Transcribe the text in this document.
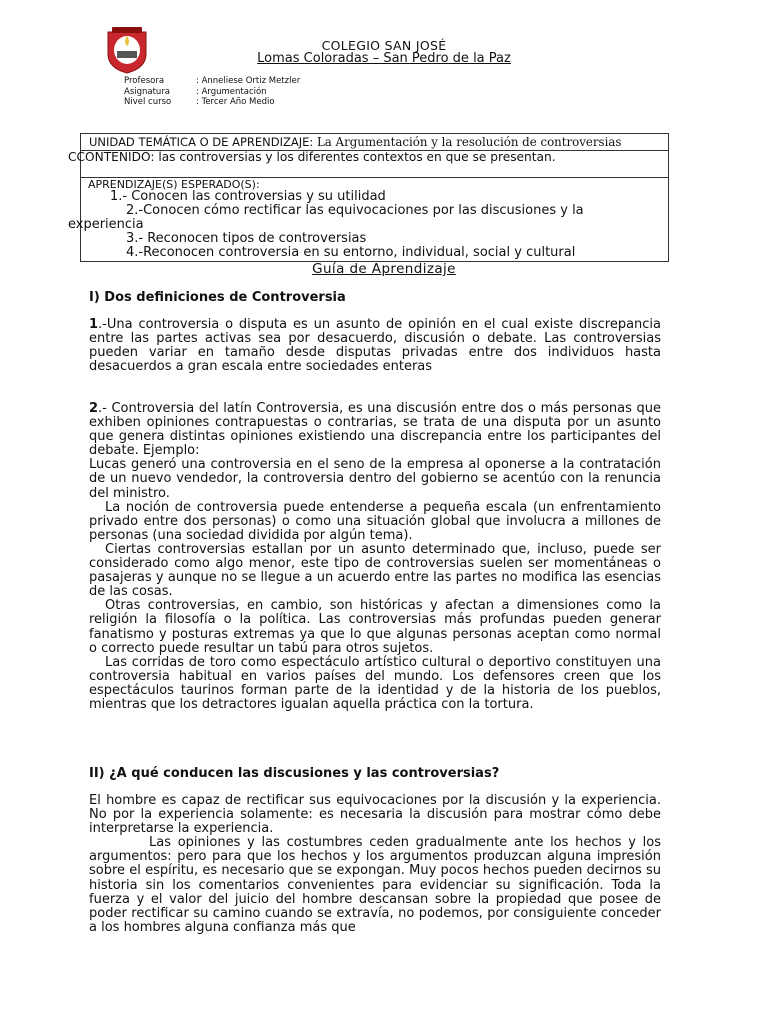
COLEGIO SAN JOSÉ
Lomas Coloradas – San Pedro de la Paz
Profesora	: Anneliese Ortiz Metzler
Asignatura	: Argumentación
Nivel curso	: Tercer Año Medio
UNIDAD TEMÁTICA O DE APRENDIZAJE: La Argumentación y la resolución de controversias
CCONTENIDO: las controversias y los diferentes contextos en que se presentan.
APRENDIZAJE(S) ESPERADO(S):
1.- Conocen las controversias y su utilidad
2.-Conocen cómo rectificar las equivocaciones por las discusiones y la
experiencia
3.- Reconocen tipos de controversias
4.-Reconocen controversia en su entorno, individual, social y cultural
Guía de Aprendizaje
I) Dos definiciones de Controversia

1.-Una controversia o disputa es un asunto de opinión en el cual existe discrepancia entre las partes activas sea por desacuerdo, discusión o debate. Las controversias pueden variar en tamaño desde disputas privadas entre dos individuos hasta desacuerdos a gran escala entre sociedades enteras

2.- Controversia del latín Controversia, es una discusión entre dos o más personas que exhiben opiniones contrapuestas o contrarias, se trata de una disputa por un asunto que genera distintas opiniones existiendo una discrepancia entre los participantes del debate. Ejemplo:

Lucas generó una controversia en el seno de la empresa al oponerse a la contratación de un nuevo vendedor, la controversia dentro del gobierno se acentúo con la renuncia del ministro.

La noción de controversia puede entenderse a pequeña escala (un enfrentamiento privado entre dos personas) o como una situación global que involucra a millones de personas (una sociedad dividida por algún tema).

Ciertas controversias estallan por un asunto determinado que, incluso, puede ser considerado como algo menor, este tipo de controversias suelen ser momentáneas o pasajeras y aunque no se llegue a un acuerdo entre las partes no modifica las esencias de las cosas.

Otras controversias, en cambio, son históricas y afectan a dimensiones como la religión la filosofía o la política. Las controversias más profundas pueden generar fanatismo y posturas extremas ya que lo que algunas personas aceptan como normal o correcto puede resultar un tabú para otros sujetos.

Las corridas de toro como espectáculo artístico cultural o deportivo constituyen una controversia habitual en varios países del mundo. Los defensores creen que los espectáculos taurinos forman parte de la identidad y de la historia de los pueblos, mientras que los detractores igualan aquella práctica con la tortura.

II) ¿A qué conducen las discusiones y las controversias?

El hombre es capaz de rectificar sus equivocaciones por la discusión y la experiencia. No por la experiencia solamente: es necesaria la discusión para mostrar cómo debe interpretarse la experiencia.

Las opiniones y las costumbres ceden gradualmente ante los hechos y los argumentos: pero para que los hechos y los argumentos produzcan alguna impresión sobre el espíritu, es necesario que se expongan. Muy pocos hechos pueden decirnos su historia sin los comentarios convenientes para evidenciar su significación. Toda la fuerza y el valor del juicio del hombre descansan sobre la propiedad que posee de poder rectificar su camino cuando se extravía, no podemos, por consiguiente conceder a los hombres alguna confianza más que
